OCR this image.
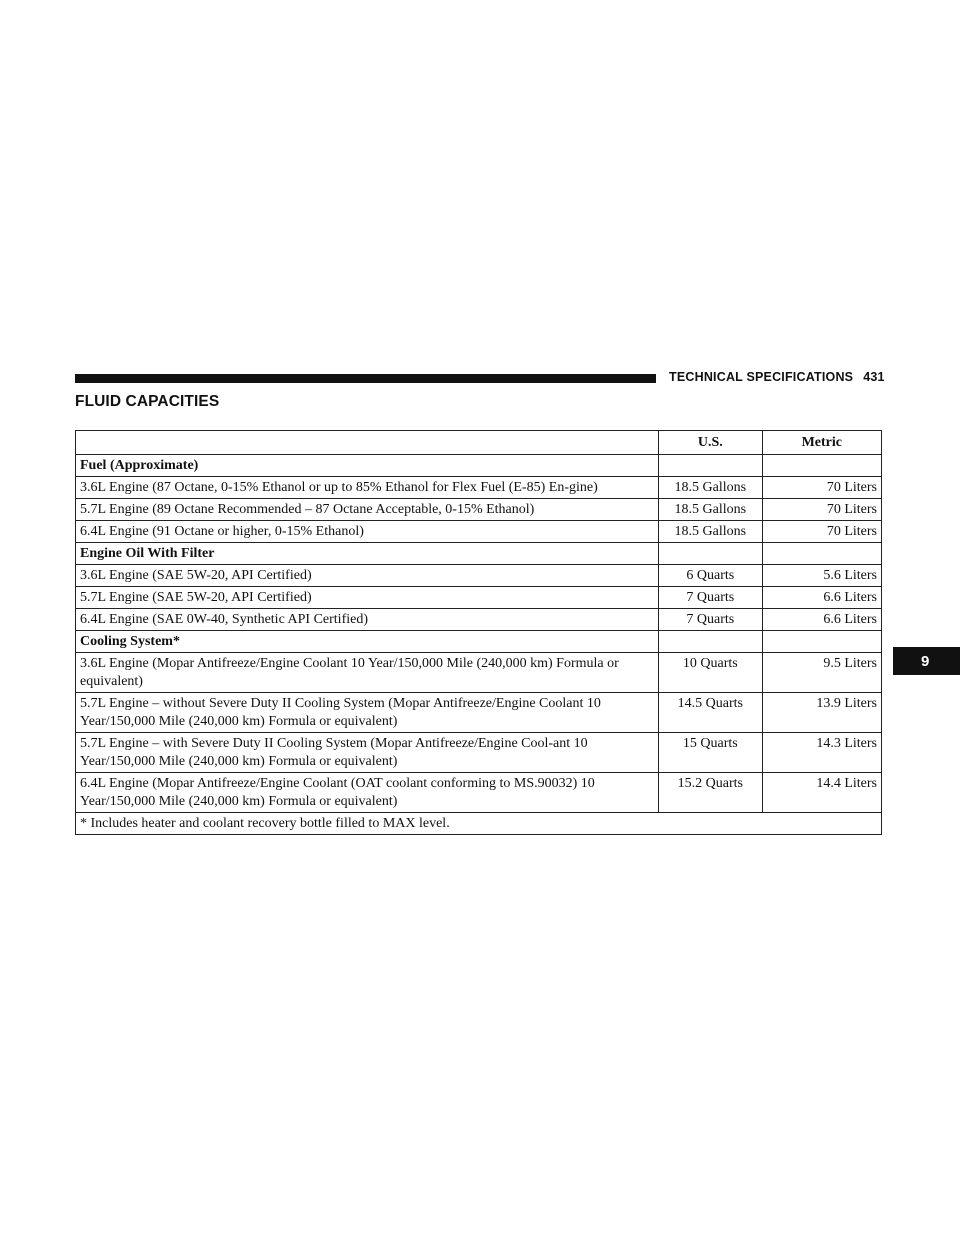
TECHNICAL SPECIFICATIONS 431
FLUID CAPACITIES
9
	U.S.	Metric
Fuel (Approximate)		
3.6L Engine (87 Octane, 0-15% Ethanol or up to 85% Ethanol for Flex Fuel (E-85) En-gine)	18.5 Gallons	70 Liters
5.7L Engine (89 Octane Recommended – 87 Octane Acceptable, 0-15% Ethanol)	18.5 Gallons	70 Liters
6.4L Engine (91 Octane or higher, 0-15% Ethanol)	18.5 Gallons	70 Liters
Engine Oil With Filter		
3.6L Engine (SAE 5W-20, API Certified)	6 Quarts	5.6 Liters
5.7L Engine (SAE 5W-20, API Certified)	7 Quarts	6.6 Liters
6.4L Engine (SAE 0W-40, Synthetic API Certified)	7 Quarts	6.6 Liters
Cooling System*		
3.6L Engine (Mopar Antifreeze/Engine Coolant 10 Year/150,000 Mile (240,000 km) Formula or equivalent)	10 Quarts	9.5 Liters
5.7L Engine – without Severe Duty II Cooling System (Mopar Antifreeze/Engine Coolant 10 Year/150,000 Mile (240,000 km) Formula or equivalent)	14.5 Quarts	13.9 Liters
5.7L Engine – with Severe Duty II Cooling System (Mopar Antifreeze/Engine Cool-ant 10 Year/150,000 Mile (240,000 km) Formula or equivalent)	15 Quarts	14.3 Liters
6.4L Engine (Mopar Antifreeze/Engine Coolant (OAT coolant conforming to MS.90032) 10 Year/150,000 Mile (240,000 km) Formula or equivalent)	15.2 Quarts	14.4 Liters
* Includes heater and coolant recovery bottle filled to MAX level.		
